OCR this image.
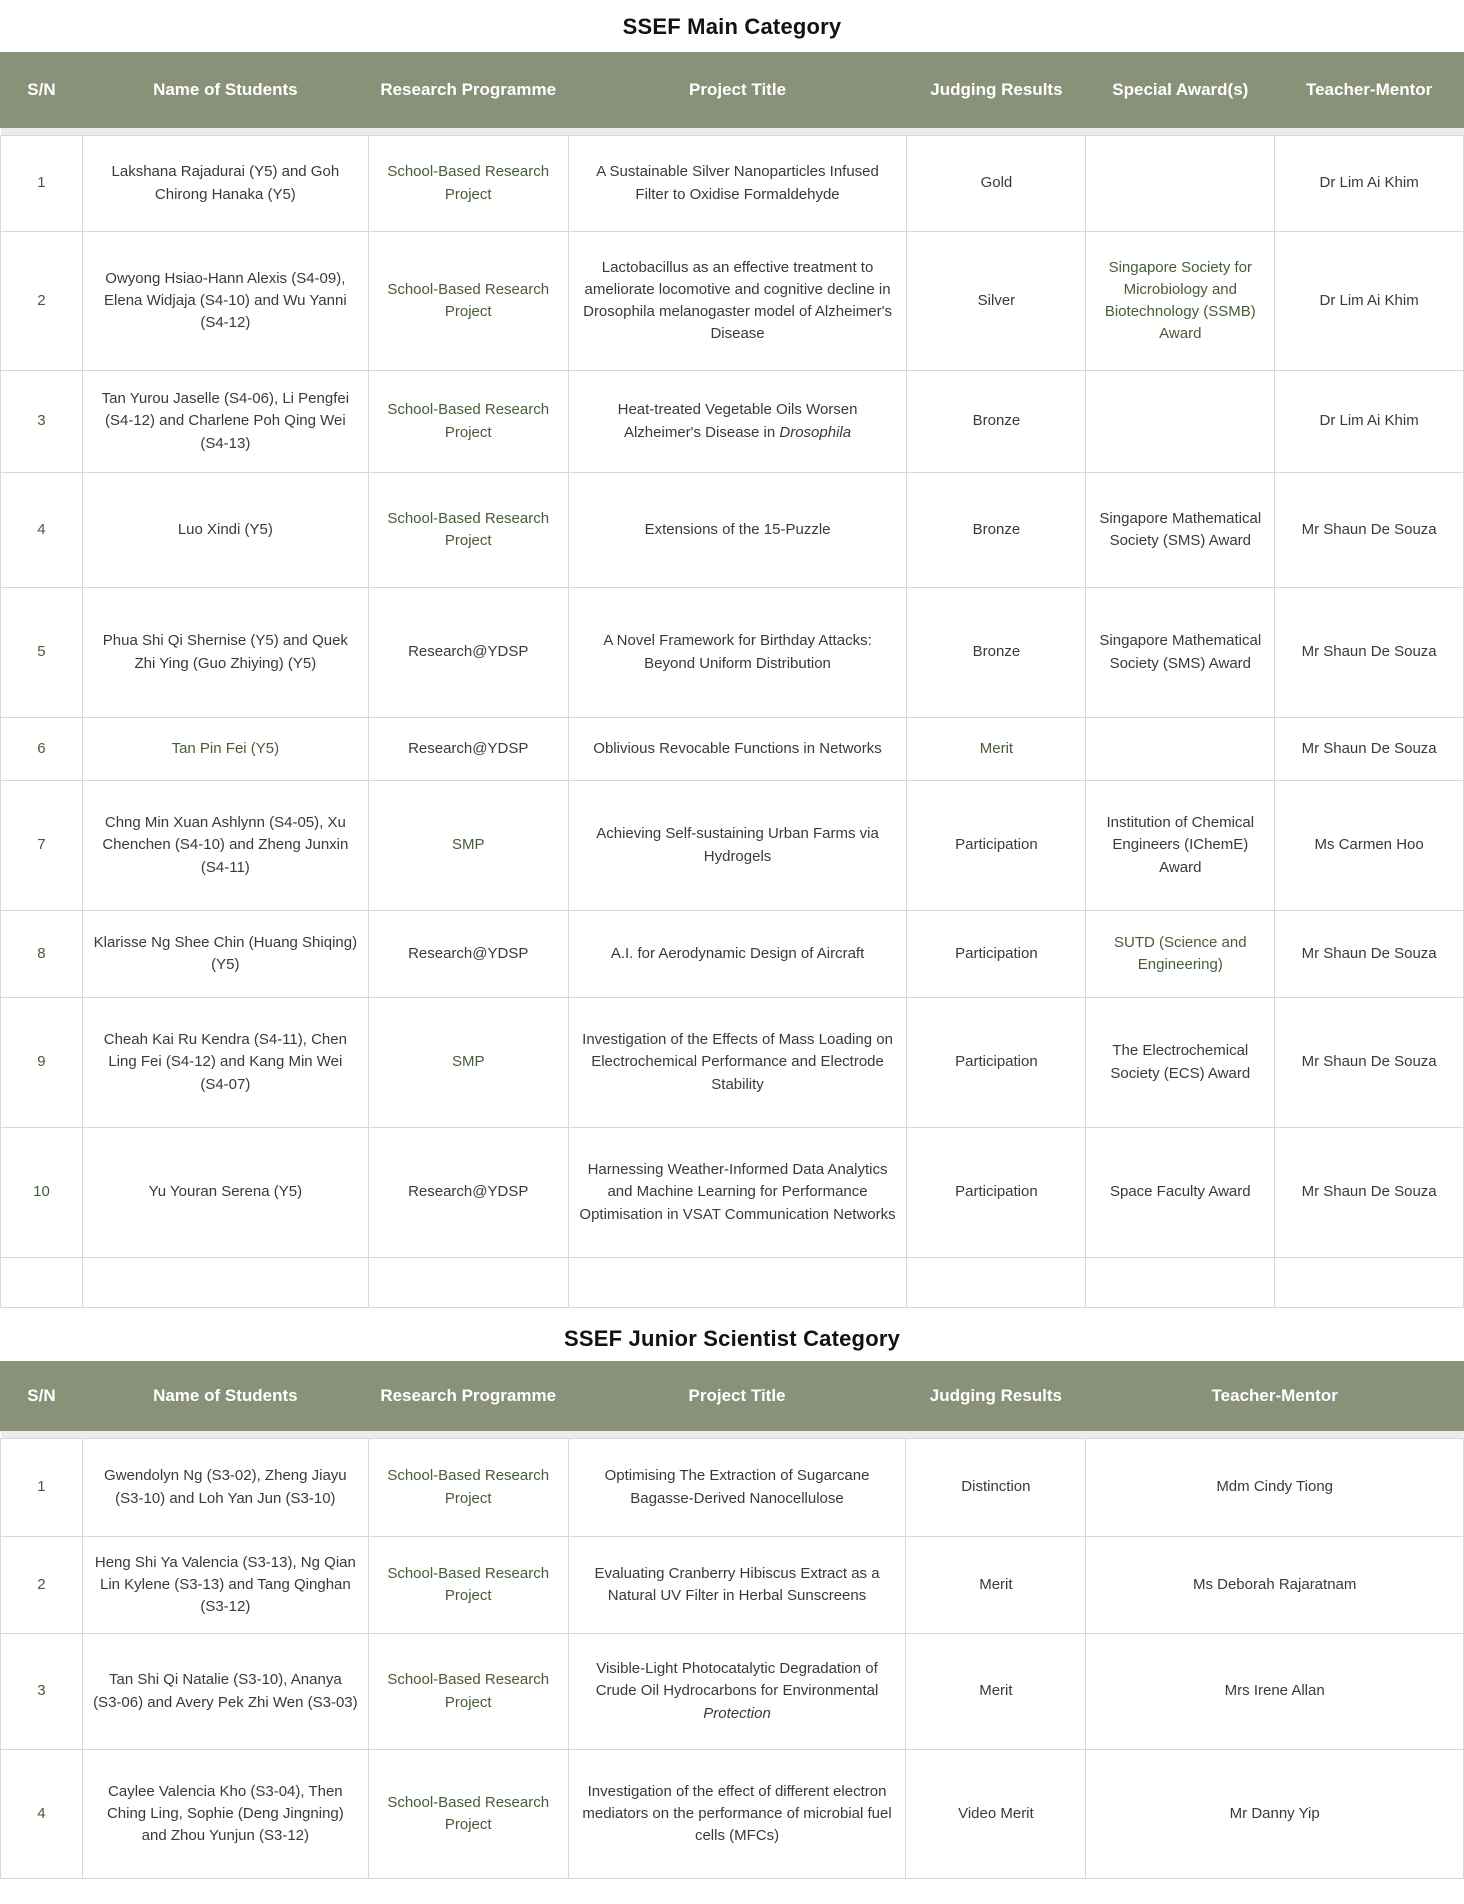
SSEF Main Category
S/N	Name of Students	Research Programme	Project Title	Judging Results	Special Award(s)	Teacher-Mentor

1	Lakshana Rajadurai (Y5) and Goh Chirong Hanaka (Y5)	School-Based Research Project	A Sustainable Silver Nanoparticles Infused Filter to Oxidise Formaldehyde	Gold		Dr Lim Ai Khim
2	Owyong Hsiao-Hann Alexis (S4-09), Elena Widjaja (S4-10) and Wu Yanni (S4-12)	School-Based Research Project	Lactobacillus as an effective treatment to ameliorate locomotive and cognitive decline in Drosophila melanogaster model of Alzheimer's Disease	Silver	Singapore Society for Microbiology and Biotechnology (SSMB) Award	Dr Lim Ai Khim
3	Tan Yurou Jaselle (S4-06), Li Pengfei (S4-12) and Charlene Poh Qing Wei (S4-13)	School-Based Research Project	Heat-treated Vegetable Oils Worsen Alzheimer's Disease in Drosophila	Bronze		Dr Lim Ai Khim
4	Luo Xindi (Y5)	School-Based Research Project	Extensions of the 15-Puzzle	Bronze	Singapore Mathematical Society (SMS) Award	Mr Shaun De Souza
5	Phua Shi Qi Shernise (Y5) and Quek Zhi Ying (Guo Zhiying) (Y5)	Research@YDSP	A Novel Framework for Birthday Attacks: Beyond Uniform Distribution	Bronze	Singapore Mathematical Society (SMS) Award	Mr Shaun De Souza
6	Tan Pin Fei (Y5)	Research@YDSP	Oblivious Revocable Functions in Networks	Merit		Mr Shaun De Souza
7	Chng Min Xuan Ashlynn (S4-05), Xu Chenchen (S4-10) and Zheng Junxin (S4-11)	SMP	Achieving Self-sustaining Urban Farms via Hydrogels	Participation	Institution of Chemical Engineers (IChemE) Award	Ms Carmen Hoo
8	Klarisse Ng Shee Chin (Huang Shiqing) (Y5)	Research@YDSP	A.I. for Aerodynamic Design of Aircraft	Participation	SUTD (Science and Engineering)	Mr Shaun De Souza
9	Cheah Kai Ru Kendra (S4-11), Chen Ling Fei (S4-12) and Kang Min Wei (S4-07)	SMP	Investigation of the Effects of Mass Loading on Electrochemical Performance and Electrode Stability	Participation	The Electrochemical Society (ECS) Award	Mr Shaun De Souza
10	Yu Youran Serena (Y5)	Research@YDSP	Harnessing Weather-Informed Data Analytics and Machine Learning for Performance Optimisation in VSAT Communication Networks	Participation	Space Faculty Award	Mr Shaun De Souza

SSEF Junior Scientist Category
S/N	Name of Students	Research Programme	Project Title	Judging Results	Teacher-Mentor

1	Gwendolyn Ng (S3-02), Zheng Jiayu (S3-10) and Loh Yan Jun (S3-10)	School-Based Research Project	Optimising The Extraction of Sugarcane Bagasse-Derived Nanocellulose	Distinction	Mdm Cindy Tiong
2	Heng Shi Ya Valencia (S3-13), Ng Qian Lin Kylene (S3-13) and Tang Qinghan (S3-12)	School-Based Research Project	Evaluating Cranberry Hibiscus Extract as a Natural UV Filter in Herbal Sunscreens	Merit	Ms Deborah Rajaratnam
3	Tan Shi Qi Natalie (S3-10), Ananya (S3-06) and Avery Pek Zhi Wen (S3-03)	School-Based Research Project	Visible-Light Photocatalytic Degradation of Crude Oil Hydrocarbons for Environmental Protection	Merit	Mrs Irene Allan
4	Caylee Valencia Kho (S3-04), Then Ching Ling, Sophie (Deng Jingning) and Zhou Yunjun (S3-12)	School-Based Research Project	Investigation of the effect of different electron mediators on the performance of microbial fuel cells (MFCs)	Video Merit	Mr Danny Yip
